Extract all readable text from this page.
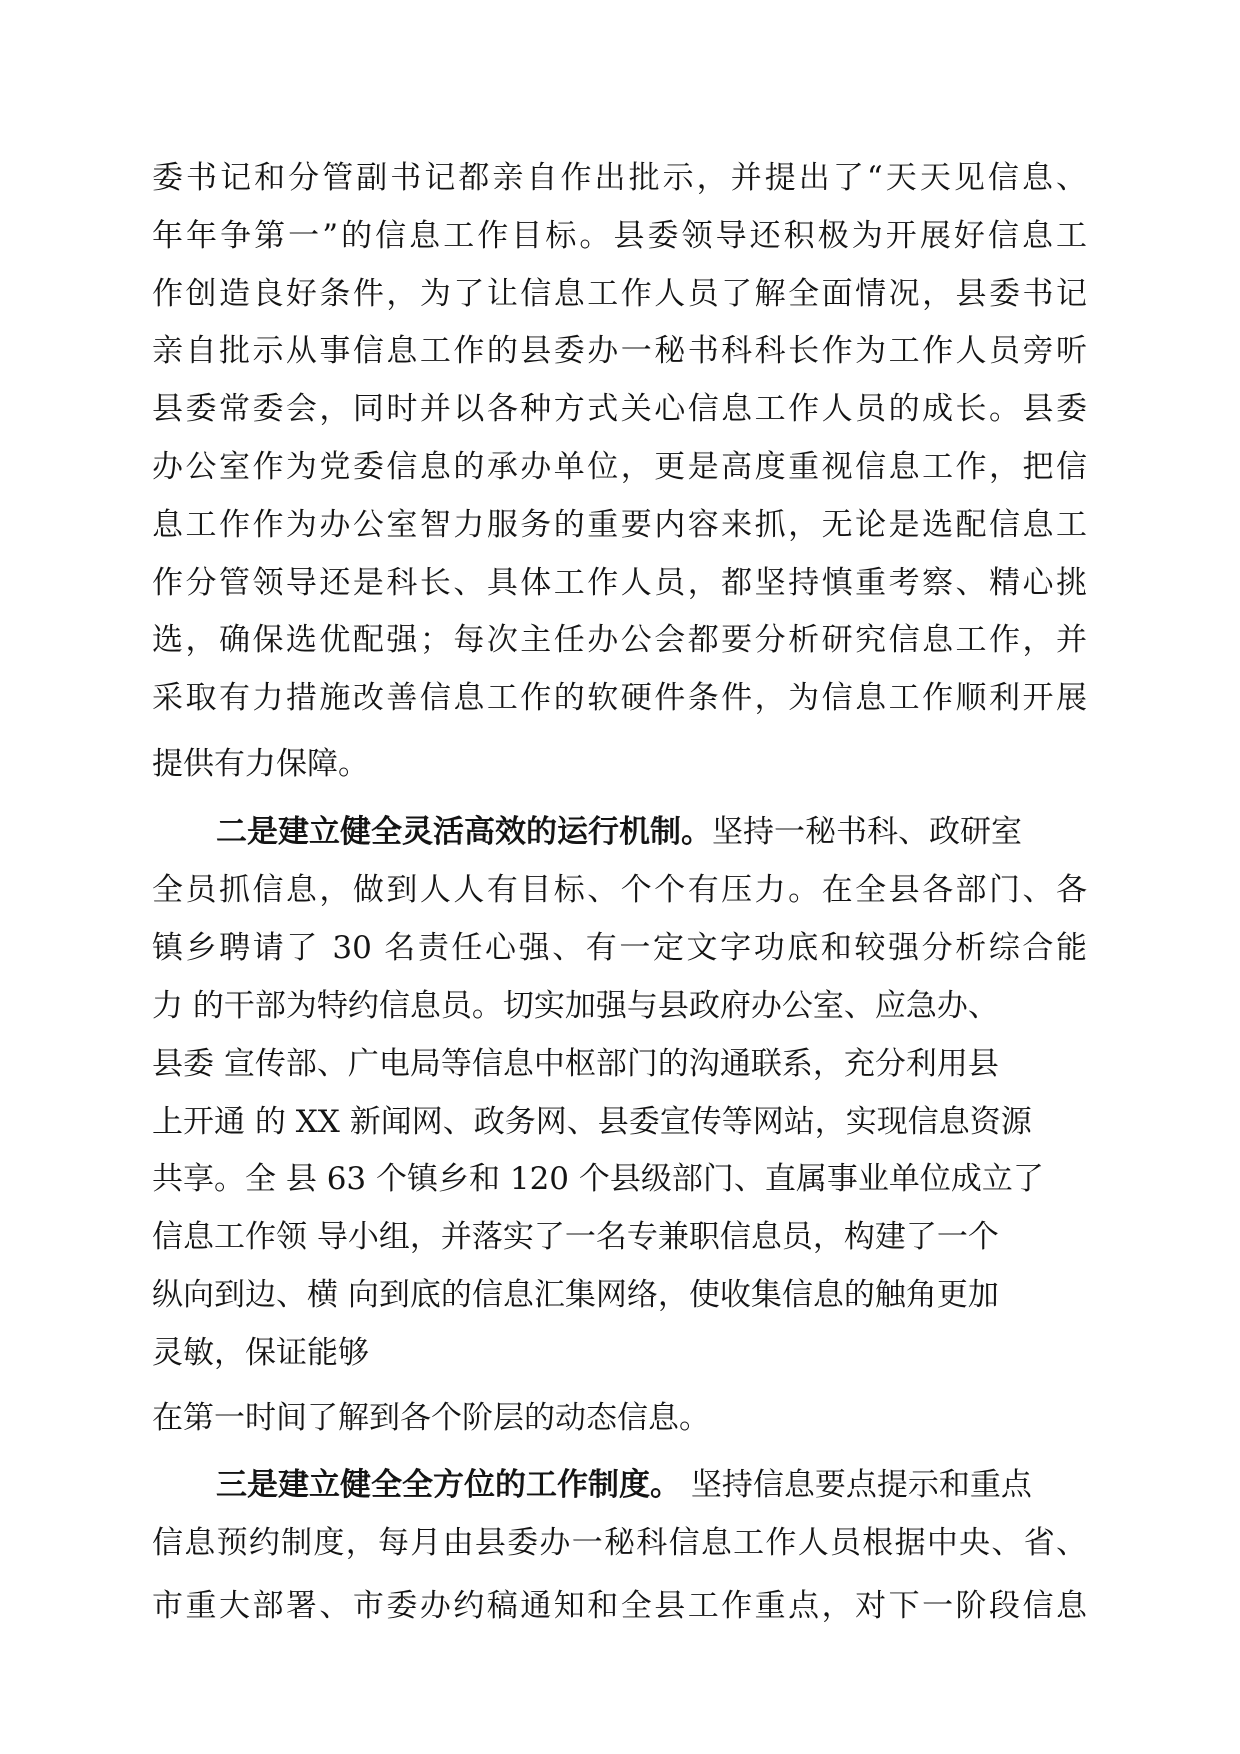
委书记和分管副书记都亲自作出批示，并提出了“天天见信息、

年年争第一”的信息工作目标。县委领导还积极为开展好信息工

作创造良好条件，为了让信息工作人员了解全面情况，县委书记

亲自批示从事信息工作的县委办一秘书科科长作为工作人员旁听

县委常委会，同时并以各种方式关心信息工作人员的成长。县委

办公室作为党委信息的承办单位，更是高度重视信息工作，把信

息工作作为办公室智力服务的重要内容来抓，无论是选配信息工

作分管领导还是科长、具体工作人员，都坚持慎重考察、精心挑

选，确保选优配强；每次主任办公会都要分析研究信息工作，并

采取有力措施改善信息工作的软硬件条件，为信息工作顺利开展

提供有力保障。

二是建立健全灵活高效的运行机制。坚持一秘书科、政研室

全员抓信息，做到人人有目标、个个有压力。在全县各部门、各

镇乡聘请了 30 名责任心强、有一定文字功底和较强分析综合能

力 的干部为特约信息员。切实加强与县政府办公室、应急办、

县委 宣传部、广电局等信息中枢部门的沟通联系，充分利用县

上开通 的 XX 新闻网、政务网、县委宣传等网站，实现信息资源

共享。全 县 63 个镇乡和 120 个县级部门、直属事业单位成立了

信息工作领 导小组，并落实了一名专兼职信息员，构建了一个

纵向到边、横 向到底的信息汇集网络，使收集信息的触角更加

灵敏，保证能够

在第一时间了解到各个阶层的动态信息。

三是建立健全全方位的工作制度。 坚持信息要点提示和重点

信息预约制度，每月由县委办一秘科信息工作人员根据中央、省、

市重大部署、市委办约稿通知和全县工作重点，对下一阶段信息
